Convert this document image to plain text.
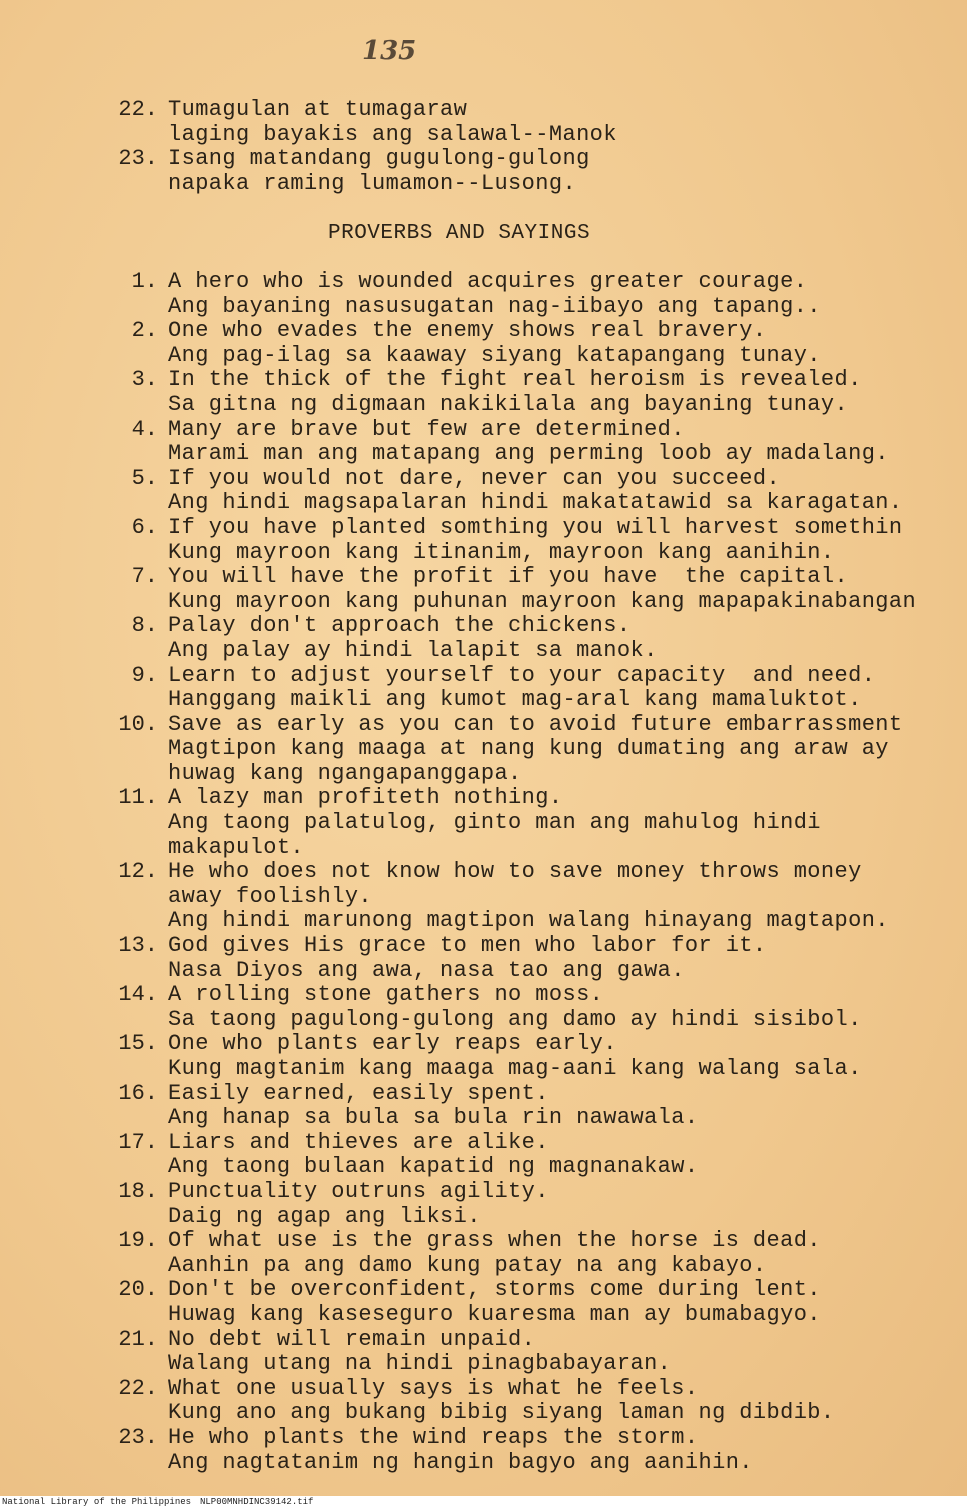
135
22. Tumagulan at tumagaraw
laging bayakis ang salawal--Manok
23. Isang matandang gugulong-gulong
napaka raming lumamon--Lusong.
PROVERBS AND SAYINGS
1. A hero who is wounded acquires greater courage.
Ang bayaning nasusugatan nag-iibayo ang tapang..
2. One who evades the enemy shows real bravery.
Ang pag-ilag sa kaaway siyang katapangang tunay.
3. In the thick of the fight real heroism is revealed.
Sa gitna ng digmaan nakikilala ang bayaning tunay.
4. Many are brave but few are determined.
Marami man ang matapang ang perming loob ay madalang.
5. If you would not dare, never can you succeed.
Ang hindi magsapalaran hindi makatatawid sa karagatan.
6. If you have planted somthing you will harvest somethin
Kung mayroon kang itinanim, mayroon kang aanihin.
7. You will have the profit if you have  the capital.
Kung mayroon kang puhunan mayroon kang mapapakinabangan
8. Palay don't approach the chickens.
Ang palay ay hindi lalapit sa manok.
9. Learn to adjust yourself to your capacity  and need.
Hanggang maikli ang kumot mag-aral kang mamaluktot.
10. Save as early as you can to avoid future embarrassment
Magtipon kang maaga at nang kung dumating ang araw ay
huwag kang ngangapanggapa.
11. A lazy man profiteth nothing.
Ang taong palatulog, ginto man ang mahulog hindi
makapulot.
12. He who does not know how to save money throws money
away foolishly.
Ang hindi marunong magtipon walang hinayang magtapon.
13. God gives His grace to men who labor for it.
Nasa Diyos ang awa, nasa tao ang gawa.
14. A rolling stone gathers no moss.
Sa taong pagulong-gulong ang damo ay hindi sisibol.
15. One who plants early reaps early.
Kung magtanim kang maaga mag-aani kang walang sala.
16. Easily earned, easily spent.
Ang hanap sa bula sa bula rin nawawala.
17. Liars and thieves are alike.
Ang taong bulaan kapatid ng magnanakaw.
18. Punctuality outruns agility.
Daig ng agap ang liksi.
19. Of what use is the grass when the horse is dead.
Aanhin pa ang damo kung patay na ang kabayo.
20. Don't be overconfident, storms come during lent.
Huwag kang kaseseguro kuaresma man ay bumabagyo.
21. No debt will remain unpaid.
Walang utang na hindi pinagbabayaran.
22. What one usually says is what he feels.
Kung ano ang bukang bibig siyang laman ng dibdib.
23. He who plants the wind reaps the storm.
Ang nagtatanim ng hangin bagyo ang aanihin.
National Library of the Philippines NLP00MNHDINC39142.tif
